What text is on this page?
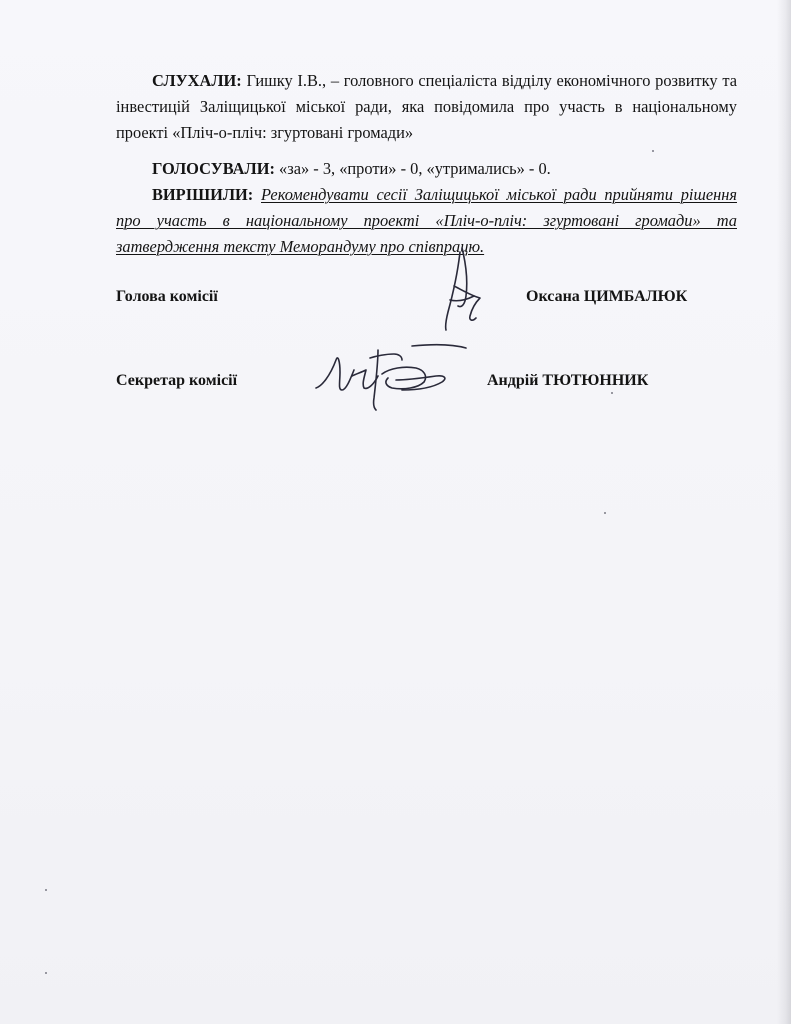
СЛУХАЛИ: Гишку І.В., – головного спеціаліста відділу економічного розвитку та інвестицій Заліщицької міської ради, яка повідомила про участь в національному проекті «Пліч-о-пліч: згуртовані громади»

ГОЛОСУВАЛИ: «за» - 3, «проти» - 0, «утримались» - 0.

ВИРІШИЛИ: Рекомендувати сесії Заліщицької міської ради прийняти рішення про участь в національному проекті «Пліч-о-пліч: згуртовані громади» та затвердження тексту Меморандуму про співпрацю.

Голова комісії	Оксана ЦИМБАЛЮК
Секретар комісії	Андрій ТЮТЮННИК
